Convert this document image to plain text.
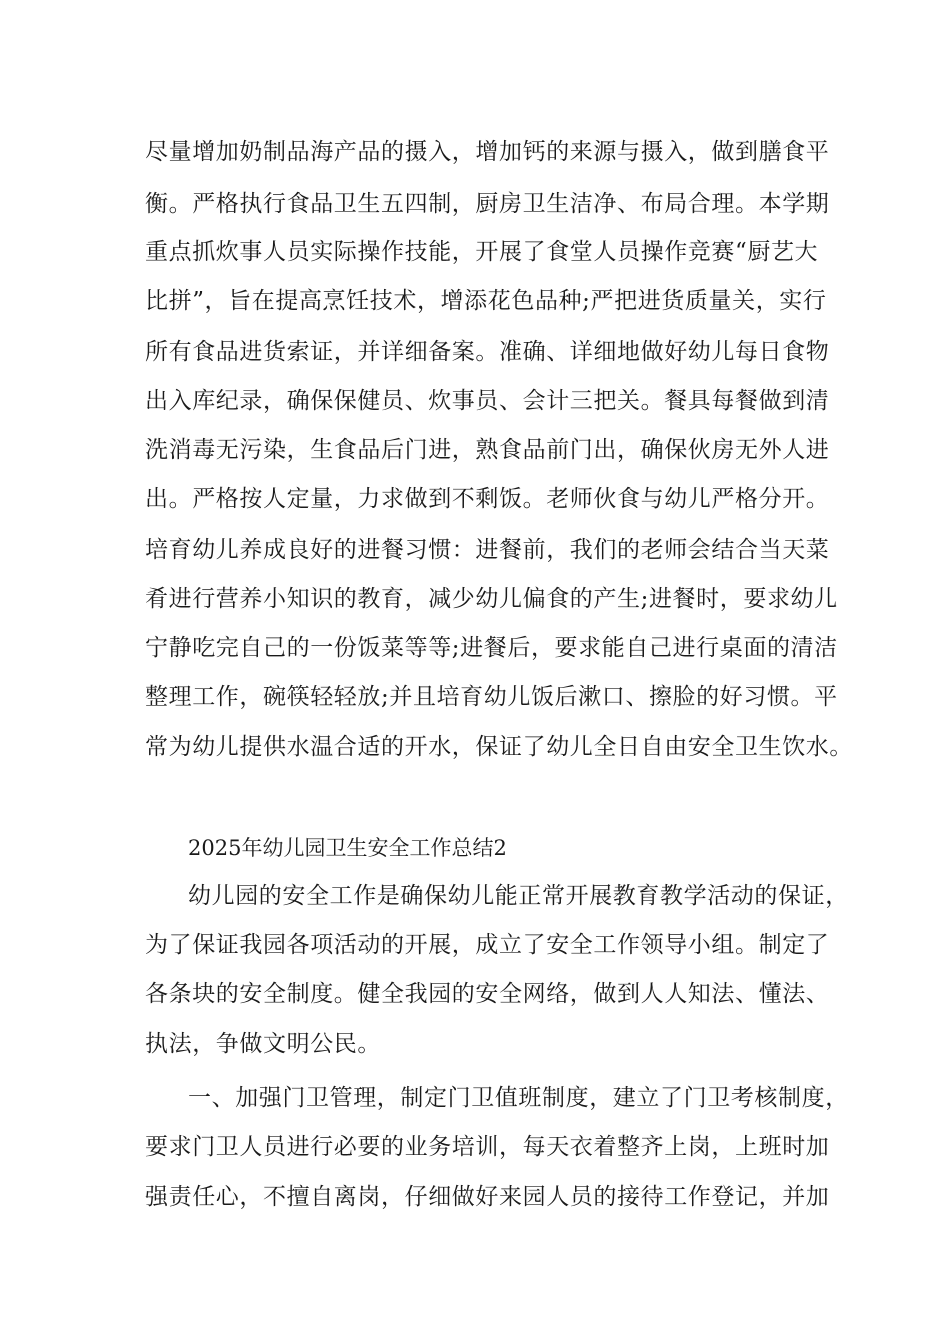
尽量增加奶制品海产品的摄入，增加钙的来源与摄入，做到膳食平
衡。严格执行食品卫生五四制，厨房卫生洁净、布局合理。本学期
重点抓炊事人员实际操作技能，开展了食堂人员操作竞赛“厨艺大
比拼”，旨在提高烹饪技术，增添花色品种;严把进货质量关，实行
所有食品进货索证，并详细备案。准确、详细地做好幼儿每日食物
出入库纪录，确保保健员、炊事员、会计三把关。餐具每餐做到清
洗消毒无污染，生食品后门进，熟食品前门出，确保伙房无外人进
出。严格按人定量，力求做到不剩饭。老师伙食与幼儿严格分开。
培育幼儿养成良好的进餐习惯：进餐前，我们的老师会结合当天菜
肴进行营养小知识的教育，减少幼儿偏食的产生;进餐时，要求幼儿
宁静吃完自己的一份饭菜等等;进餐后，要求能自己进行桌面的清洁
整理工作，碗筷轻轻放;并且培育幼儿饭后漱口、擦脸的好习惯。平
常为幼儿提供水温合适的开水，保证了幼儿全日自由安全卫生饮水。
2025年幼儿园卫生安全工作总结2
幼儿园的安全工作是确保幼儿能正常开展教育教学活动的保证，
为了保证我园各项活动的开展，成立了安全工作领导小组。制定了
各条块的安全制度。健全我园的安全网络，做到人人知法、懂法、
执法，争做文明公民。
一、加强门卫管理，制定门卫值班制度，建立了门卫考核制度，
要求门卫人员进行必要的业务培训，每天衣着整齐上岗，上班时加
强责任心，不擅自离岗，仔细做好来园人员的接待工作登记，并加
